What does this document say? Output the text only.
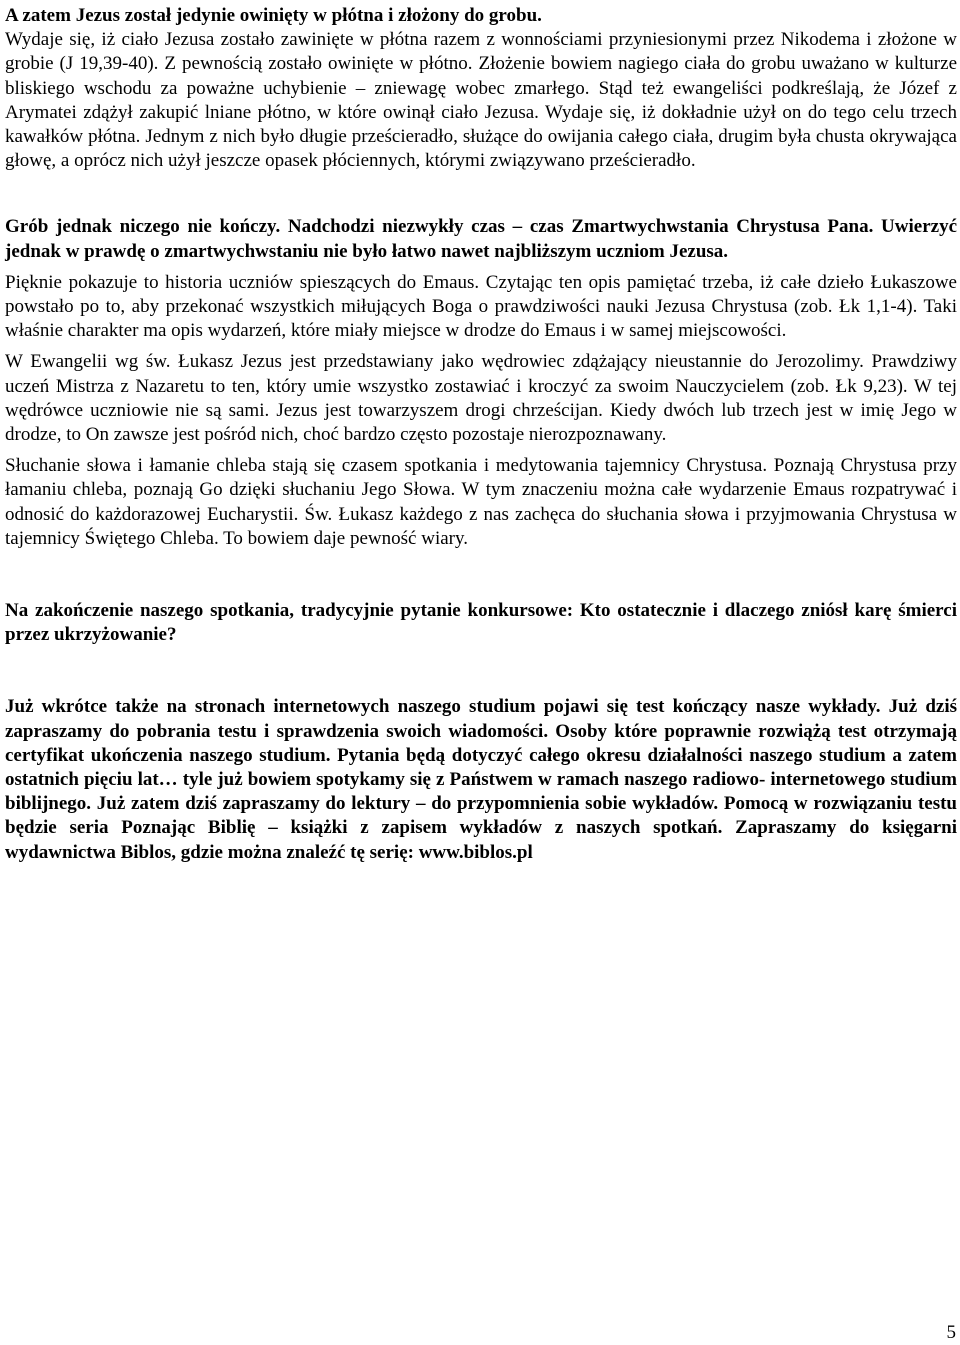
A zatem Jezus został jedynie owinięty w płótna i złożony do grobu.

Wydaje się, iż ciało Jezusa zostało zawinięte w płótna razem z wonnościami przyniesionymi przez Nikodema i złożone w grobie (J 19,39-40). Z pewnością zostało owinięte w płótno. Złożenie bowiem nagiego ciała do grobu uważano w kulturze bliskiego wschodu za poważne uchybienie – zniewagę wobec zmarłego. Stąd też ewangeliści podkreślają, że Józef z Arymatei zdążył zakupić lniane płótno, w które owinął ciało Jezusa. Wydaje się, iż dokładnie użył on do tego celu trzech kawałków płótna. Jednym z nich było długie prześcieradło, służące do owijania całego ciała, drugim była chusta okrywająca głowę, a oprócz nich użył jeszcze opasek płóciennych, którymi związywano prześcieradło.

Grób jednak niczego nie kończy. Nadchodzi niezwykły czas – czas Zmartwychwstania Chrystusa Pana. Uwierzyć jednak w prawdę o zmartwychwstaniu nie było łatwo nawet najbliższym uczniom Jezusa.

Pięknie pokazuje to historia uczniów spieszących do Emaus. Czytając ten opis pamiętać trzeba, iż całe dzieło Łukaszowe powstało po to, aby przekonać wszystkich miłujących Boga o prawdziwości nauki Jezusa Chrystusa (zob. Łk 1,1-4). Taki właśnie charakter ma opis wydarzeń, które miały miejsce w drodze do Emaus i w samej miejscowości.

W Ewangelii wg św. Łukasz Jezus jest przedstawiany jako wędrowiec zdążający nieustannie do Jerozolimy. Prawdziwy uczeń Mistrza z Nazaretu to ten, który umie wszystko zostawiać i kroczyć za swoim Nauczycielem (zob. Łk 9,23). W tej wędrówce uczniowie nie są sami. Jezus jest towarzyszem drogi chrześcijan. Kiedy dwóch lub trzech jest w imię Jego w drodze, to On zawsze jest pośród nich, choć bardzo często pozostaje nierozpoznawany.

Słuchanie słowa i łamanie chleba stają się czasem spotkania i medytowania tajemnicy Chrystusa. Poznają Chrystusa przy łamaniu chleba, poznają Go dzięki słuchaniu Jego Słowa. W tym znaczeniu można całe wydarzenie Emaus rozpatrywać i odnosić do każdorazowej Eucharystii. Św. Łukasz każdego z nas zachęca do słuchania słowa i przyjmowania Chrystusa w tajemnicy Świętego Chleba. To bowiem daje pewność wiary.

Na zakończenie naszego spotkania, tradycyjnie pytanie konkursowe: Kto ostatecznie i dlaczego zniósł karę śmierci przez ukrzyżowanie?

Już wkrótce także na stronach internetowych naszego studium pojawi się test kończący nasze wykłady. Już dziś zapraszamy do pobrania testu i sprawdzenia swoich wiadomości. Osoby które poprawnie rozwiążą test otrzymają certyfikat ukończenia naszego studium. Pytania będą dotyczyć całego okresu działalności naszego studium a zatem ostatnich pięciu lat… tyle już bowiem spotykamy się z Państwem w ramach naszego radiowo- internetowego studium biblijnego. Już zatem dziś zapraszamy do lektury – do przypomnienia sobie wykładów. Pomocą w rozwiązaniu testu będzie seria Poznając Biblię – książki z zapisem wykładów z naszych spotkań. Zapraszamy do księgarni wydawnictwa Biblos, gdzie można znaleźć tę serię: www.biblos.pl

5
